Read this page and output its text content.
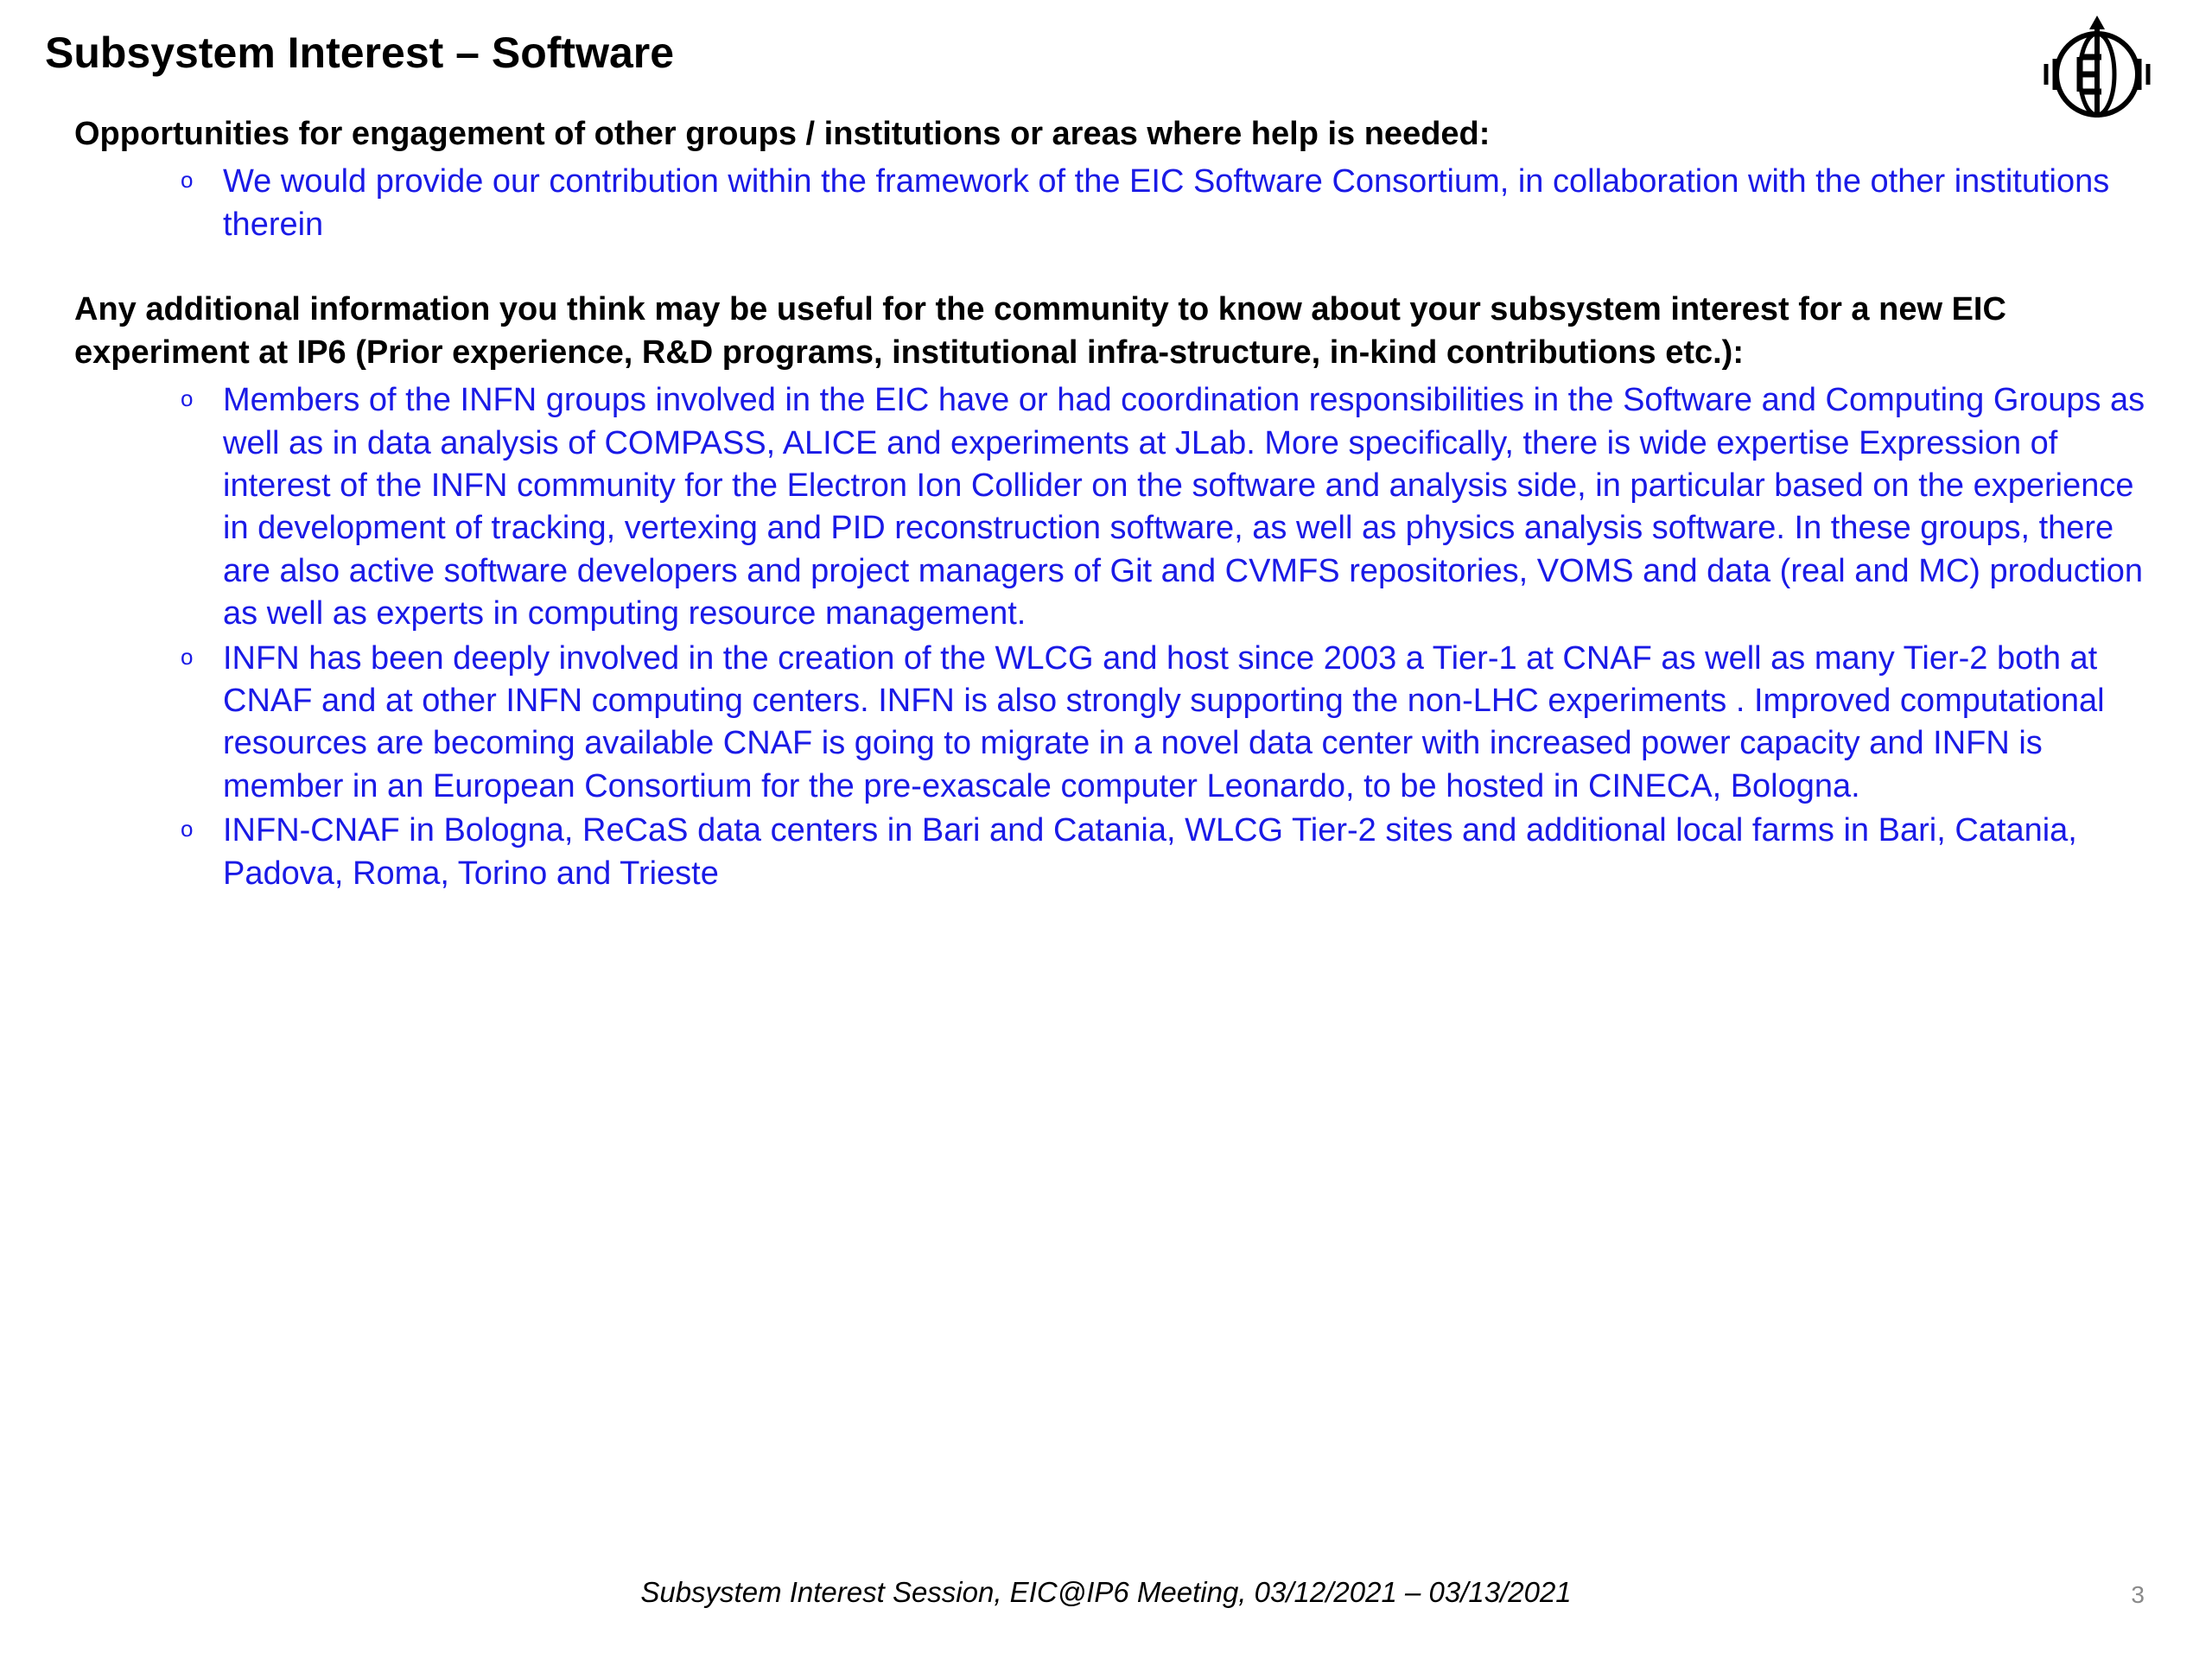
Subsystem Interest – Software

Opportunities for engagement of other groups / institutions or areas where help is needed:

o We would provide our contribution within the framework of the EIC Software Consortium, in collaboration with the other institutions therein

Any additional information you think may be useful for the community to know about your subsystem interest for a new EIC experiment at IP6 (Prior experience, R&D programs, institutional infra-structure, in-kind contributions etc.):

o Members of the INFN groups involved in the EIC have or had coordination responsibilities in the Software and Computing Groups as well as in data analysis of COMPASS, ALICE and experiments at JLab. More specifically, there is wide expertise Expression of interest of the INFN community for the Electron Ion Collider on the software and analysis side, in particular based on the experience in development of tracking, vertexing and PID reconstruction software, as well as physics analysis software. In these groups, there are also active software developers and project managers of Git and CVMFS repositories, VOMS and data (real and MC) production as well as experts in computing resource management.
o INFN has been deeply involved in the creation of the WLCG and host since 2003 a Tier-1 at CNAF as well as many Tier-2 both at CNAF and at other INFN computing centers. INFN is also strongly supporting the non-LHC experiments . Improved computational resources are becoming available CNAF is going to migrate in a novel data center with increased power capacity and INFN is member in an European Consortium for the pre-exascale computer Leonardo, to be hosted in CINECA, Bologna.
o INFN-CNAF in Bologna, ReCaS data centers in Bari and Catania, WLCG Tier-2 sites and additional local farms in Bari, Catania, Padova, Roma, Torino and Trieste
Subsystem Interest Session, EIC@IP6 Meeting, 03/12/2021 – 03/13/2021	3
